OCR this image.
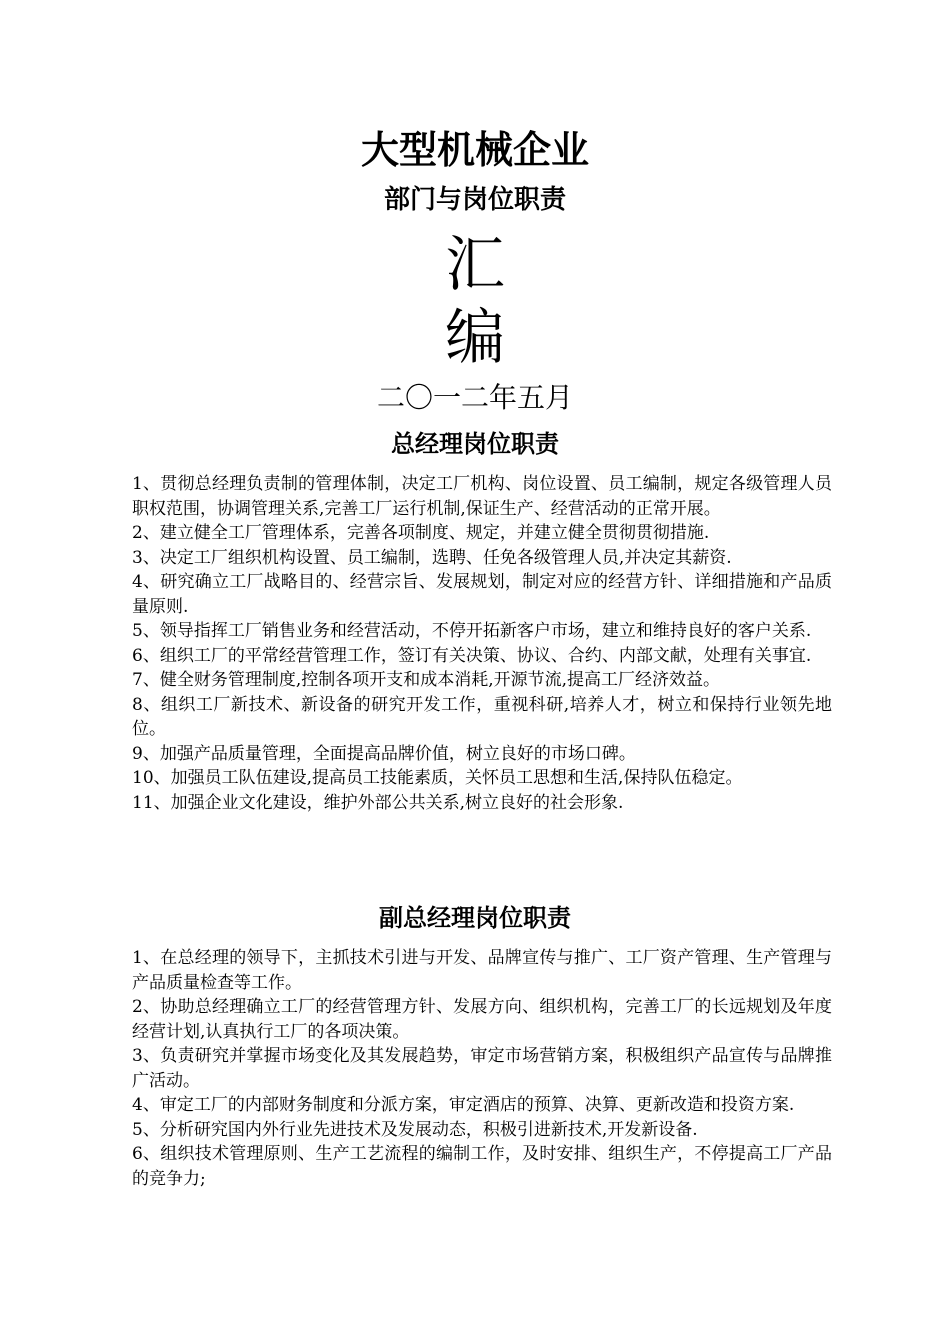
大型机械企业
部门与岗位职责
汇
编
二〇一二年五月
总经理岗位职责
1、贯彻总经理负责制的管理体制，决定工厂机构、岗位设置、员工编制，规定各级管理人员职权范围，协调管理关系,完善工厂运行机制,保证生产、经营活动的正常开展。
2、建立健全工厂管理体系，完善各项制度、规定，并建立健全贯彻贯彻措施.
3、决定工厂组织机构设置、员工编制，选聘、任免各级管理人员,并决定其薪资.
4、研究确立工厂战略目的、经营宗旨、发展规划，制定对应的经营方针、详细措施和产品质量原则.
5、领导指挥工厂销售业务和经营活动，不停开拓新客户市场，建立和维持良好的客户关系.
6、组织工厂的平常经营管理工作，签订有关决策、协议、合约、内部文献，处理有关事宜.
7、健全财务管理制度,控制各项开支和成本消耗,开源节流,提高工厂经济效益。
8、组织工厂新技术、新设备的研究开发工作，重视科研,培养人才，树立和保持行业领先地位。
9、加强产品质量管理，全面提高品牌价值，树立良好的市场口碑。
10、加强员工队伍建设,提高员工技能素质，关怀员工思想和生活,保持队伍稳定。
11、加强企业文化建设，维护外部公共关系,树立良好的社会形象.
副总经理岗位职责
1、在总经理的领导下，主抓技术引进与开发、品牌宣传与推广、工厂资产管理、生产管理与产品质量检查等工作。
2、协助总经理确立工厂的经营管理方针、发展方向、组织机构，完善工厂的长远规划及年度经营计划,认真执行工厂的各项决策。
3、负责研究并掌握市场变化及其发展趋势，审定市场营销方案，积极组织产品宣传与品牌推广活动。
4、审定工厂的内部财务制度和分派方案，审定酒店的预算、决算、更新改造和投资方案.
5、分析研究国内外行业先进技术及发展动态，积极引进新技术,开发新设备.
6、组织技术管理原则、生产工艺流程的编制工作，及时安排、组织生产，不停提高工厂产品的竞争力;
